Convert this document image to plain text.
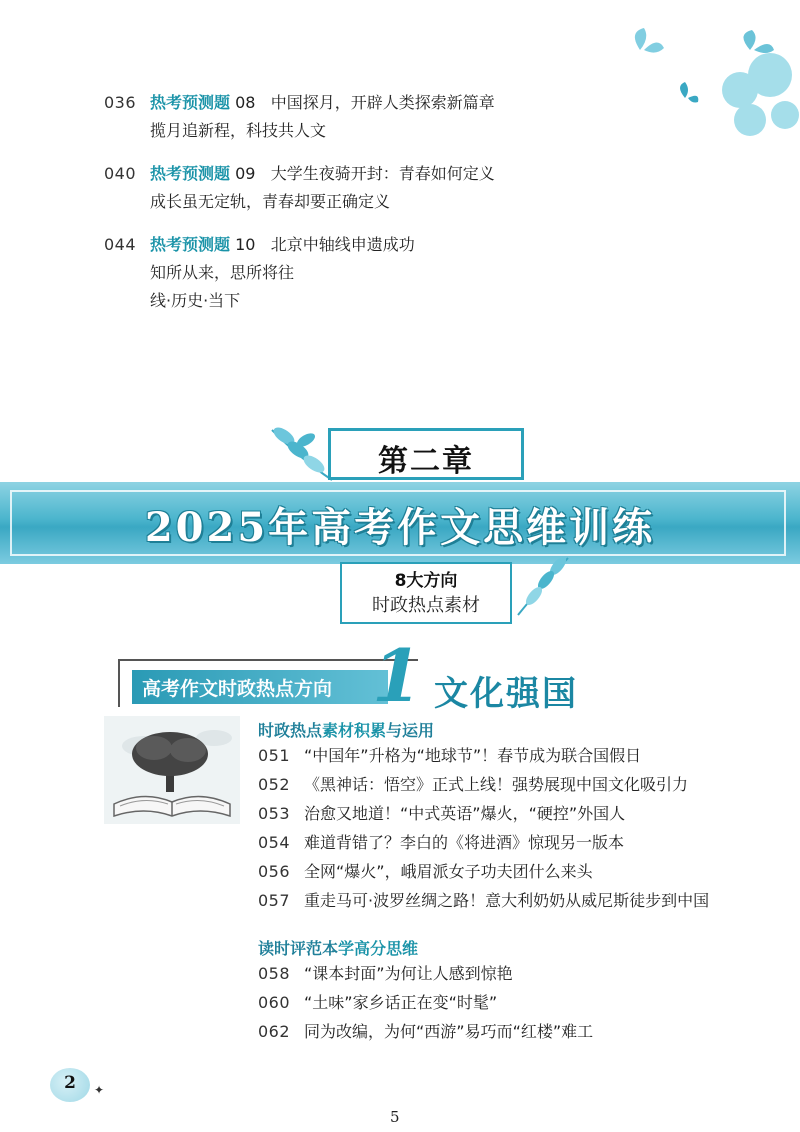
036 热考预测题 08 中国探月，开辟人类探索新篇章
揽月追新程，科技共人文
040 热考预测题 09 大学生夜骑开封：青春如何定义
成长虽无定轨，青春却要正确定义
044 热考预测题 10 北京中轴线申遗成功
知所从来，思所将往
线·历史·当下
第二章
2025年高考作文思维训练
8大方向
时政热点素材
高考作文时政热点方向 1 文化强国
时政热点素材积累与运用
051 “中国年”升格为“地球节”！春节成为联合国假日
052 《黑神话：悟空》正式上线！强势展现中国文化吸引力
053 治愈又地道！“中式英语”爆火，“硬控”外国人
054 难道背错了？李白的《将进酒》惊现另一版本
056 全网“爆火”，峨眉派女子功夫团什么来头
057 重走马可·波罗丝绸之路！意大利奶奶从威尼斯徒步到中国
读时评范本学高分思维
058 “课本封面”为何让人感到惊艳
060 “土味”家乡话正在变“时髦”
062 同为改编，为何“西游”易巧而“红楼”难工
2	✦
5
